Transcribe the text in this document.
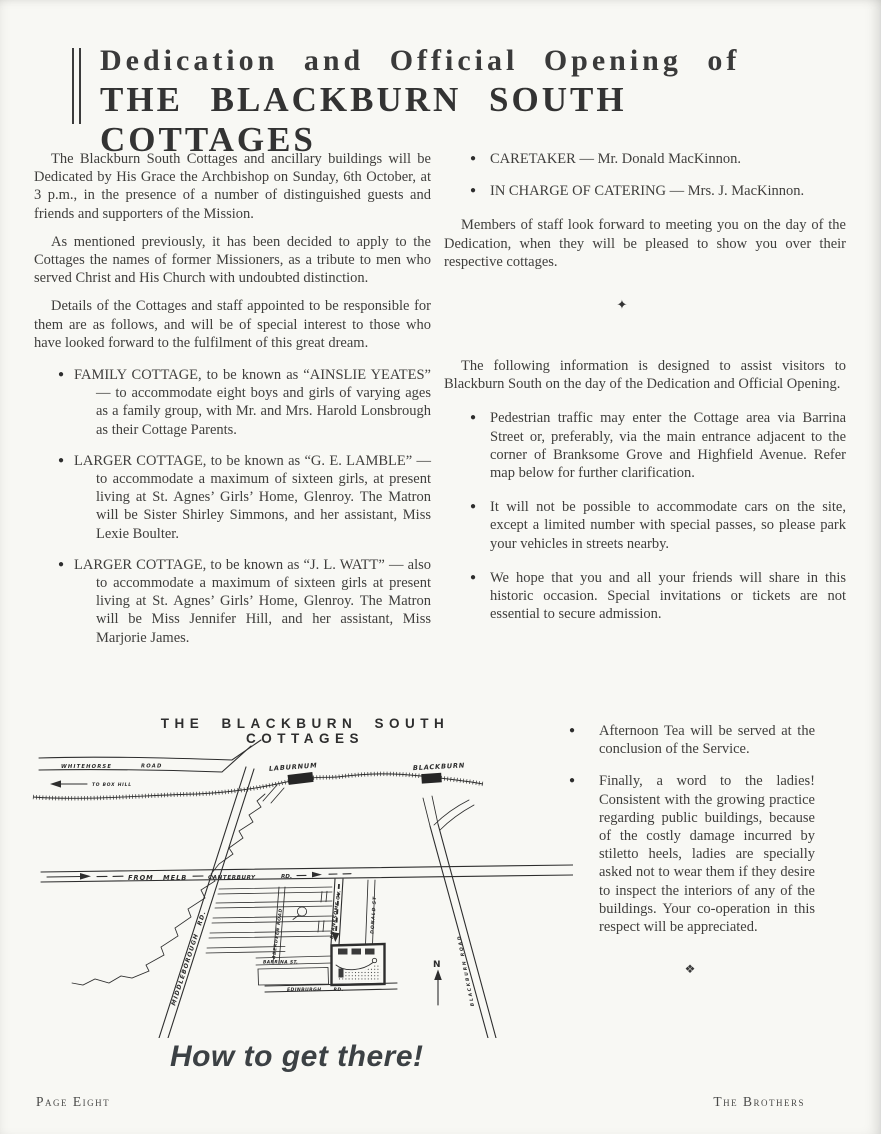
Dedication and Official Opening of
THE BLACKBURN SOUTH COTTAGES

The Blackburn South Cottages and ancillary buildings will be Dedicated by His Grace the Archbishop on Sunday, 6th October, at 3 p.m., in the presence of a number of distinguished guests and friends and supporters of the Mission.

As mentioned previously, it has been decided to apply to the Cottages the names of former Missioners, as a tribute to men who served Christ and His Church with undoubted distinction.

Details of the Cottages and staff appointed to be responsible for them are as follows, and will be of special interest to those who have looked forward to the fulfilment of this great dream.

● FAMILY COTTAGE, to be known as “AINSLIE YEATES” — to accommodate eight boys and girls of varying ages as a family group, with Mr. and Mrs. Harold Lonsbrough as their Cottage Parents.
● LARGER COTTAGE, to be known as “G. E. LAMBLE” — to accommodate a maximum of sixteen girls, at present living at St. Agnes’ Girls’ Home, Glenroy. The Matron will be Sister Shirley Simmons, and her assistant, Miss Lexie Boulter.
● LARGER COTTAGE, to be known as “J. L. WATT” — also to accommodate a maximum of sixteen girls at present living at St. Agnes’ Girls’ Home, Glenroy. The Matron will be Miss Jennifer Hill, and her assistant, Miss Marjorie James.
● CARETAKER — Mr. Donald MacKinnon.
● IN CHARGE OF CATERING — Mrs. J. MacKinnon.

Members of staff look forward to meeting you on the day of the Dedication, when they will be pleased to show you over their respective cottages.

✦

The following information is designed to assist visitors to Blackburn South on the day of the Dedication and Official Opening.

● Pedestrian traffic may enter the Cottage area via Barrina Street or, preferably, via the main entrance adjacent to the corner of Branksome Grove and Highfield Avenue. Refer map below for further clarification.
● It will not be possible to accommodate cars on the site, except a limited number with special passes, so please park your vehicles in streets nearby.
● We hope that you and all your friends will share in this historic occasion. Special invitations or tickets are not essential to secure admission.
●	Afternoon Tea will be served at the conclusion of the Service.
●	Finally, a word to the ladies! Consistent with the growing practice regarding public buildings, because of the costly damage incurred by stiletto heels, ladies are specially asked not to wear them if they desire to inspect the interiors of any of the buildings. Your co-operation in this respect will be appreciated.
❖
THE BLACKBURN SOUTH COTTAGES
WHITEHORSE	ROAD
TO BOX HILL
LABURNUM	BLACKBURN
MIDDLEBOROUGH RD.
FROM MELB	CANTERBURY	RD.
ABERDEEN ROAD	BRANKSOME GV.	DONALD ST
BARRINA ST.
EDINBURGH RD.	BLACKBURN ROAD
N
How to get there!
Page Eight	The Brothers
